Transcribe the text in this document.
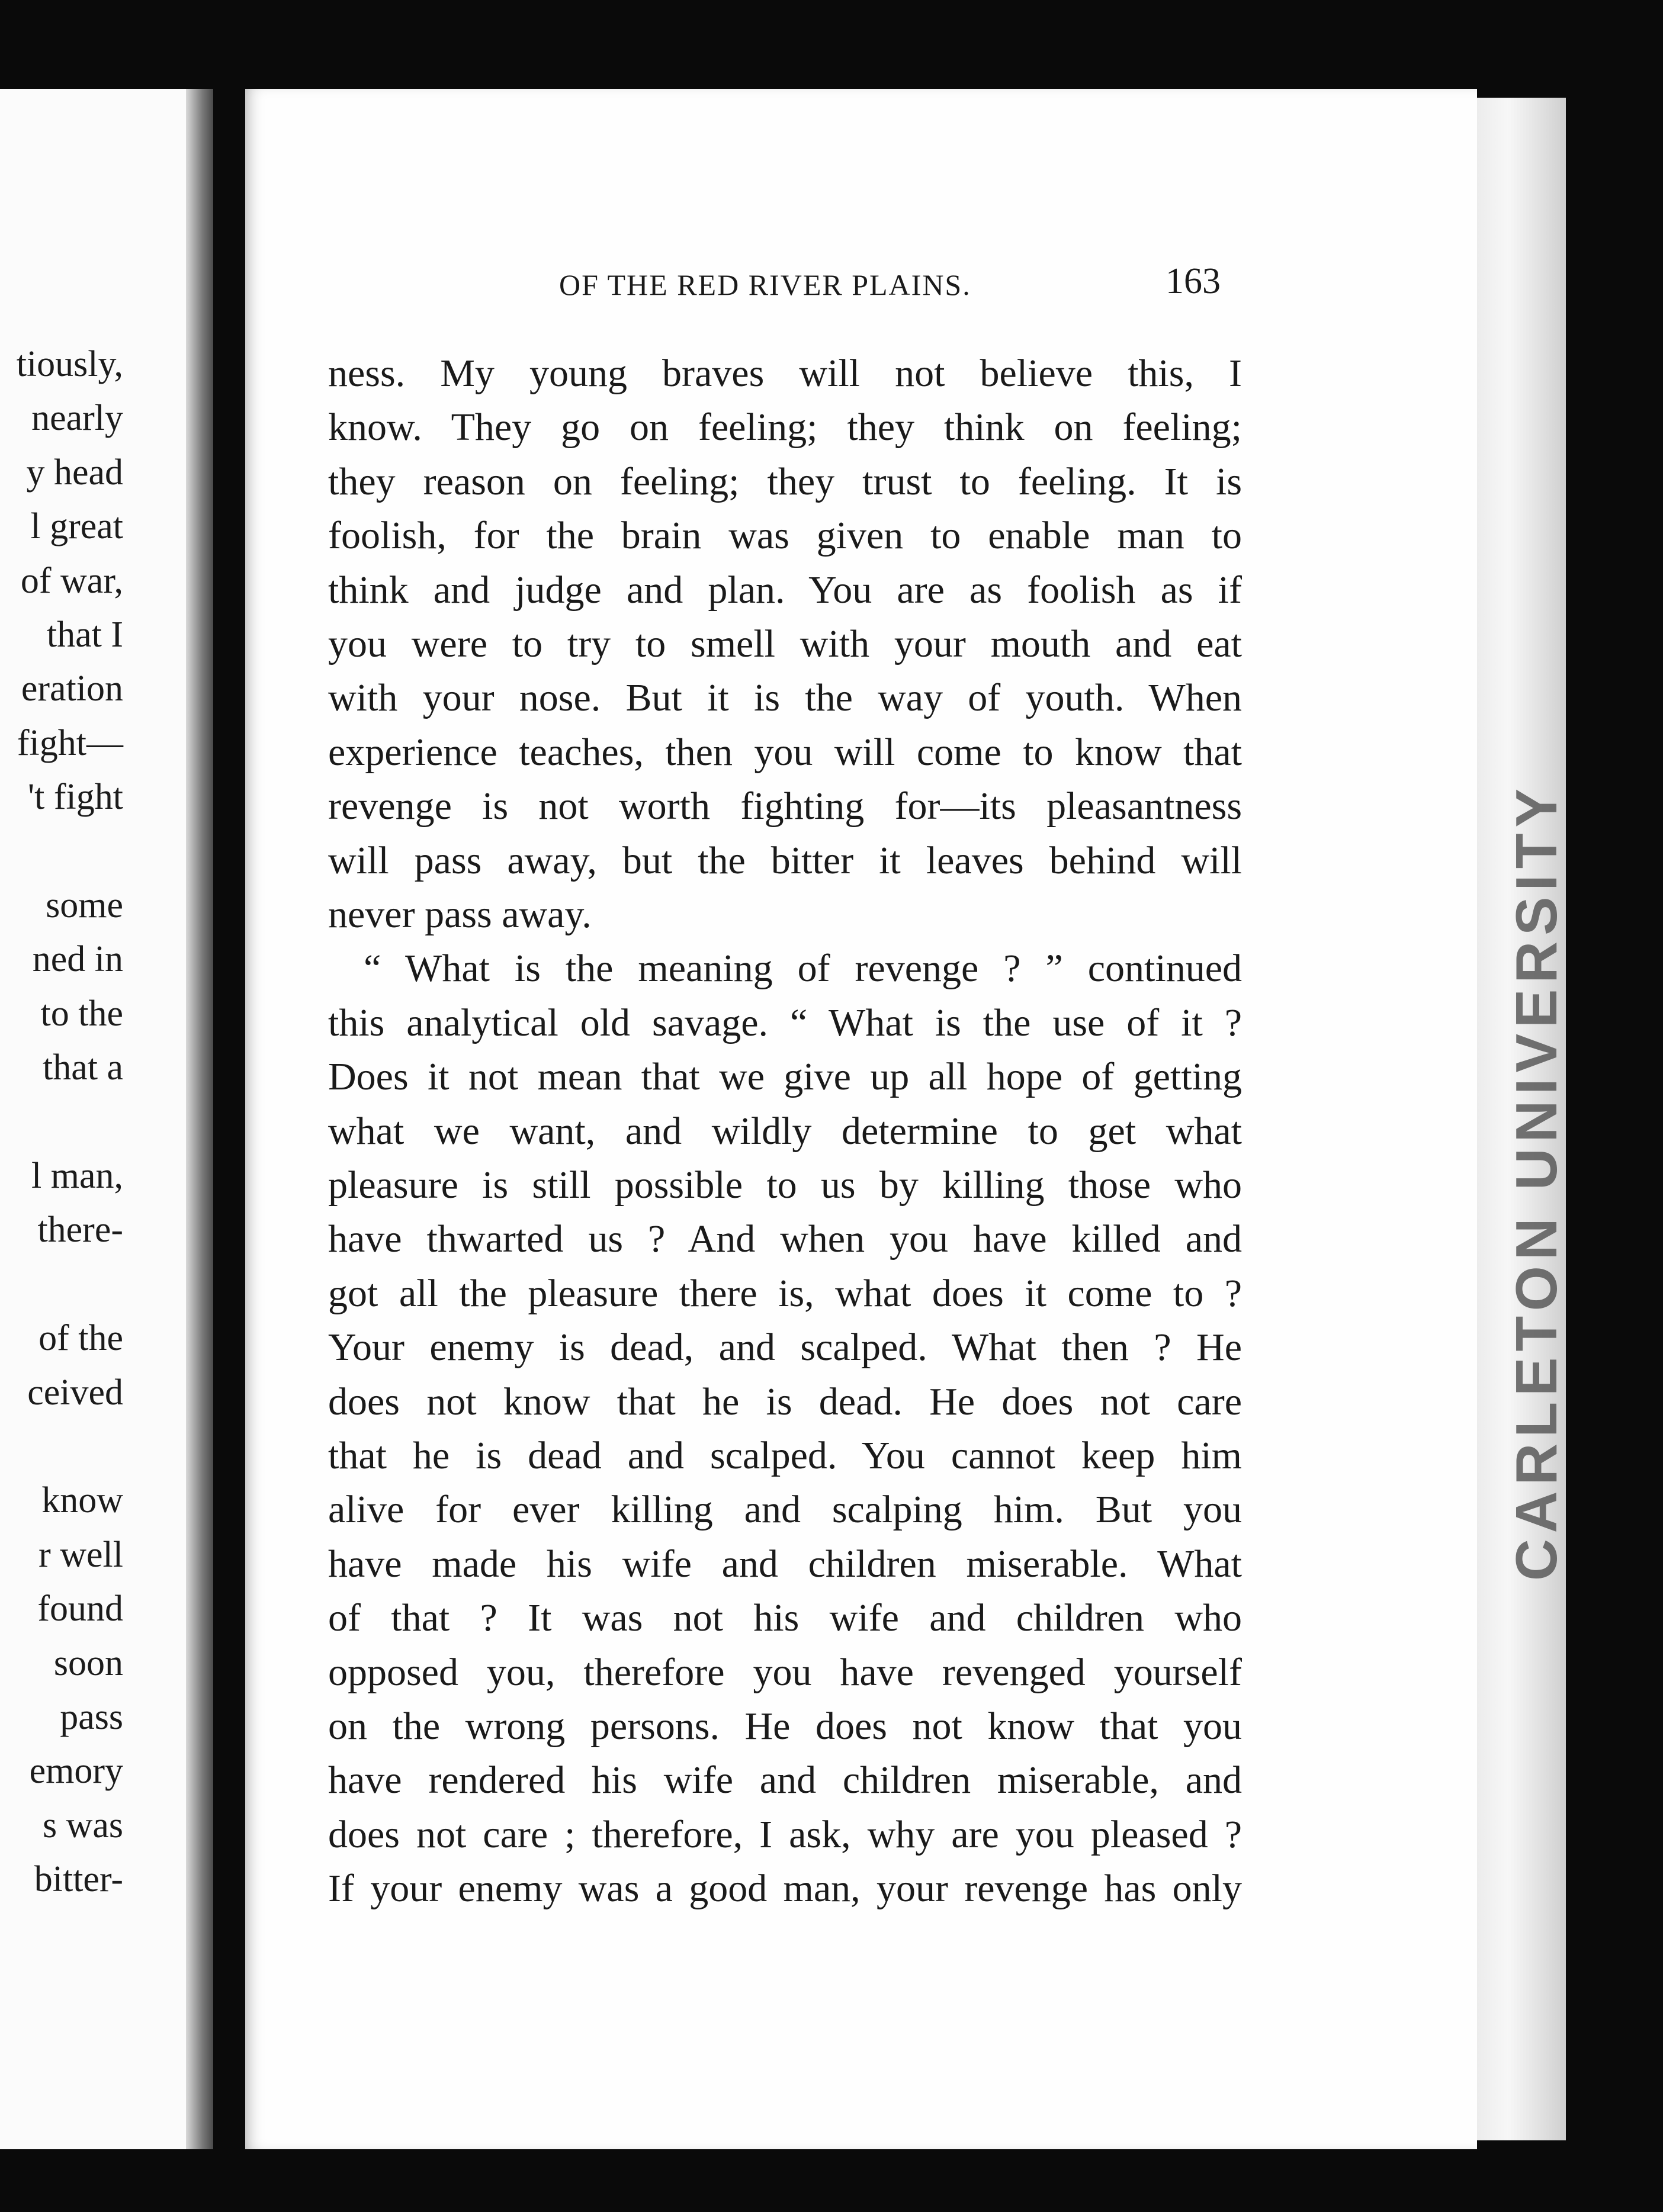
tiously,
nearly
y head
l great
of war,
that I
eration
fight—
't fight
some
ned in
to the
that a
l man,
there-
of the
ceived
know
r well
found
soon
pass
emory
s was
bitter-
CARLETON UNIVERSITY
OF THE RED RIVER PLAINS.	163
ness. My young braves will not believe this, I
know. They go on feeling; they think on feeling;
they reason on feeling; they trust to feeling. It is
foolish, for the brain was given to enable man to
think and judge and plan. You are as foolish as if
you were to try to smell with your mouth and eat
with your nose. But it is the way of youth. When
experience teaches, then you will come to know that
revenge is not worth fighting for—its pleasantness
will pass away, but the bitter it leaves behind will
never pass away.
“ What is the meaning of revenge ? ” continued
this analytical old savage. “ What is the use of it ?
Does it not mean that we give up all hope of getting
what we want, and wildly determine to get what
pleasure is still possible to us by killing those who
have thwarted us ? And when you have killed and
got all the pleasure there is, what does it come to ?
Your enemy is dead, and scalped. What then ? He
does not know that he is dead. He does not care
that he is dead and scalped. You cannot keep him
alive for ever killing and scalping him. But you
have made his wife and children miserable. What
of that ? It was not his wife and children who
opposed you, therefore you have revenged yourself
on the wrong persons. He does not know that you
have rendered his wife and children miserable, and
does not care ; therefore, I ask, why are you pleased ?
If your enemy was a good man, your revenge has only
